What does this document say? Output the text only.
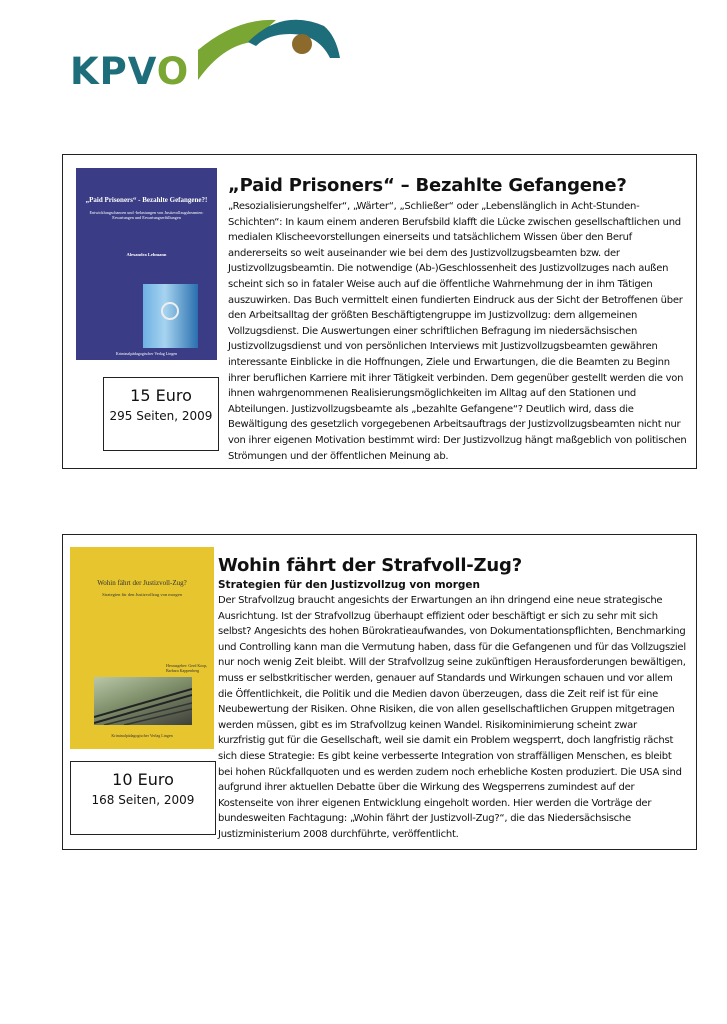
KPVO
„Paid Prisoners“ - Bezahlte Gefangene?!
Entwicklungschancen und -belastungen von Justizvollzugsbeamten: Erwartungen und Erwartungserfüllungen
Alexandra Lehmann
Kriminalpädagogischer Verlag Lingen
15 Euro
295 Seiten, 2009
„Paid Prisoners“ – Bezahlte Gefangene?

„Resozialisierungshelfer“, „Wärter“, „Schließer“ oder „Lebenslänglich in Acht-Stunden-Schichten“: In kaum einem anderen Berufsbild klafft die Lücke zwischen gesellschaftlichen und medialen Klischeevorstellungen einerseits und tatsächlichem Wissen über den Beruf andererseits so weit auseinander wie bei dem des Justizvollzugsbeamten bzw. der Justizvollzugsbeamtin. Die notwendige (Ab-)Geschlossenheit des Justizvollzuges nach außen scheint sich so in fataler Weise auch auf die öffentliche Wahrnehmung der in ihm Tätigen auszuwirken. Das Buch vermittelt einen fundierten Eindruck aus der Sicht der Betroffenen über den Arbeitsalltag der größten Beschäftigtengruppe im Justizvollzug: dem allgemeinen Vollzugsdienst. Die Auswertungen einer schriftlichen Befragung im niedersächsischen Justizvollzugsdienst und von persönlichen Interviews mit Justizvollzugsbeamten gewähren interessante Einblicke in die Hoffnungen, Ziele und Erwartungen, die die Beamten zu Beginn ihrer beruflichen Karriere mit ihrer Tätigkeit verbinden. Dem gegenüber gestellt werden die von ihnen wahrgenommenen Realisierungsmöglichkeiten im Alltag auf den Stationen und Abteilungen. Justizvollzugsbeamte als „bezahlte Gefangene“? Deutlich wird, dass die Bewältigung des gesetzlich vorgegebenen Arbeitsauftrags der Justizvollzugsbeamten nicht nur von ihrer eigenen Motivation bestimmt wird: Der Justizvollzug hängt maßgeblich von politischen Strömungen und der öffentlichen Meinung ab.

Wohin fährt der Justizvoll-Zug?
Strategien für den Justizvollzug von morgen
Herausgeber: Gerd Koop, Barbara Kappenberg
Kriminalpädagogischer Verlag Lingen
10 Euro
168 Seiten, 2009
Wohin fährt der Strafvoll-Zug?
Strategien für den Justizvollzug von morgen

Der Strafvollzug braucht angesichts der Erwartungen an ihn dringend eine neue strategische Ausrichtung. Ist der Strafvollzug überhaupt effizient oder beschäftigt er sich zu sehr mit sich selbst? Angesichts des hohen Bürokratieaufwandes, von Dokumentationspflichten, Benchmarking und Controlling kann man die Vermutung haben, dass für die Gefangenen und für das Vollzugsziel nur noch wenig Zeit bleibt. Will der Strafvollzug seine zukünftigen Herausforderungen bewältigen, muss er selbstkritischer werden, genauer auf Standards und Wirkungen schauen und vor allem die Öffentlichkeit, die Politik und die Medien davon überzeugen, dass die Zeit reif ist für eine Neubewertung der Risiken. Ohne Risiken, die von allen gesellschaftlichen Gruppen mitgetragen werden müssen, gibt es im Strafvollzug keinen Wandel. Risikominimierung scheint zwar kurzfristig gut für die Gesellschaft, weil sie damit ein Problem wegsperrt, doch langfristig rächst sich diese Strategie: Es gibt keine verbesserte Integration von straffälligen Menschen, es bleibt bei hohen Rückfallquoten und es werden zudem noch erhebliche Kosten produziert. Die USA sind aufgrund ihrer aktuellen Debatte über die Wirkung des Wegsperrens zumindest auf der Kostenseite von ihrer eigenen Entwicklung eingeholt worden. Hier werden die Vorträge der bundesweiten Fachtagung: „Wohin fährt der Justizvoll-Zug?“, die das Niedersächsische Justizministerium 2008 durchführte, veröffentlicht.
